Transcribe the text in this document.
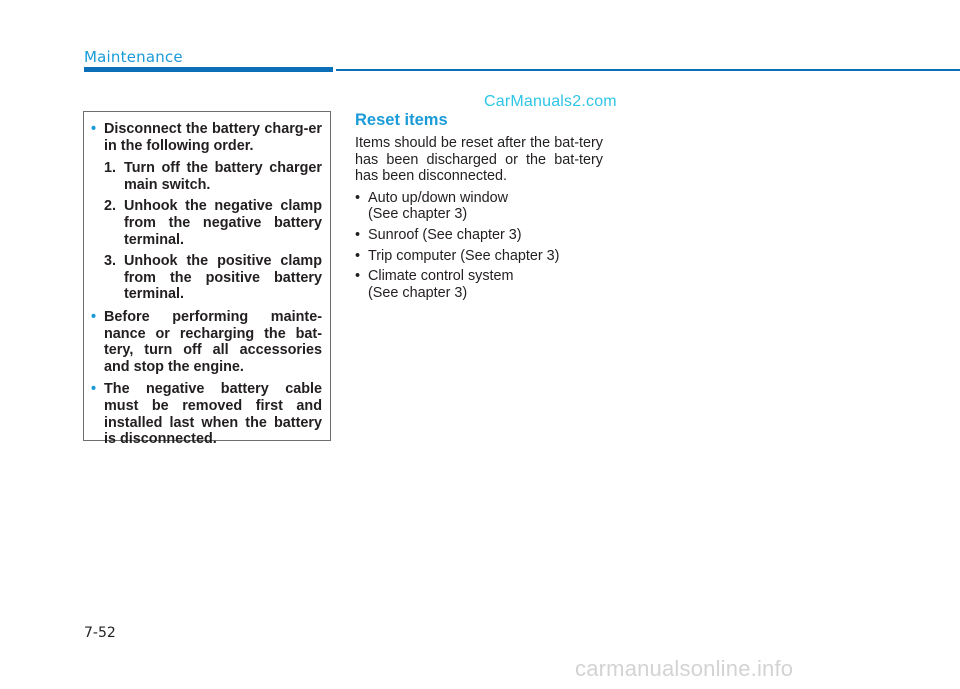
Maintenance
CarManuals2.com
• Disconnect the battery charg-er in the following order.
1. Turn off the battery charger main switch.
2. Unhook the negative clamp from the negative battery terminal.
3. Unhook the positive clamp from the positive battery terminal.
• Before performing mainte-nance or recharging the bat-tery, turn off all accessories and stop the engine.
• The negative battery cable must be removed first and installed last when the battery is disconnected.
Reset items
Items should be reset after the bat-tery has been discharged or the bat-tery has been disconnected.
• Auto up/down window
(See chapter 3)
• Sunroof (See chapter 3)
• Trip computer (See chapter 3)
• Climate control system
(See chapter 3)
7-52
carmanualsonline.info
